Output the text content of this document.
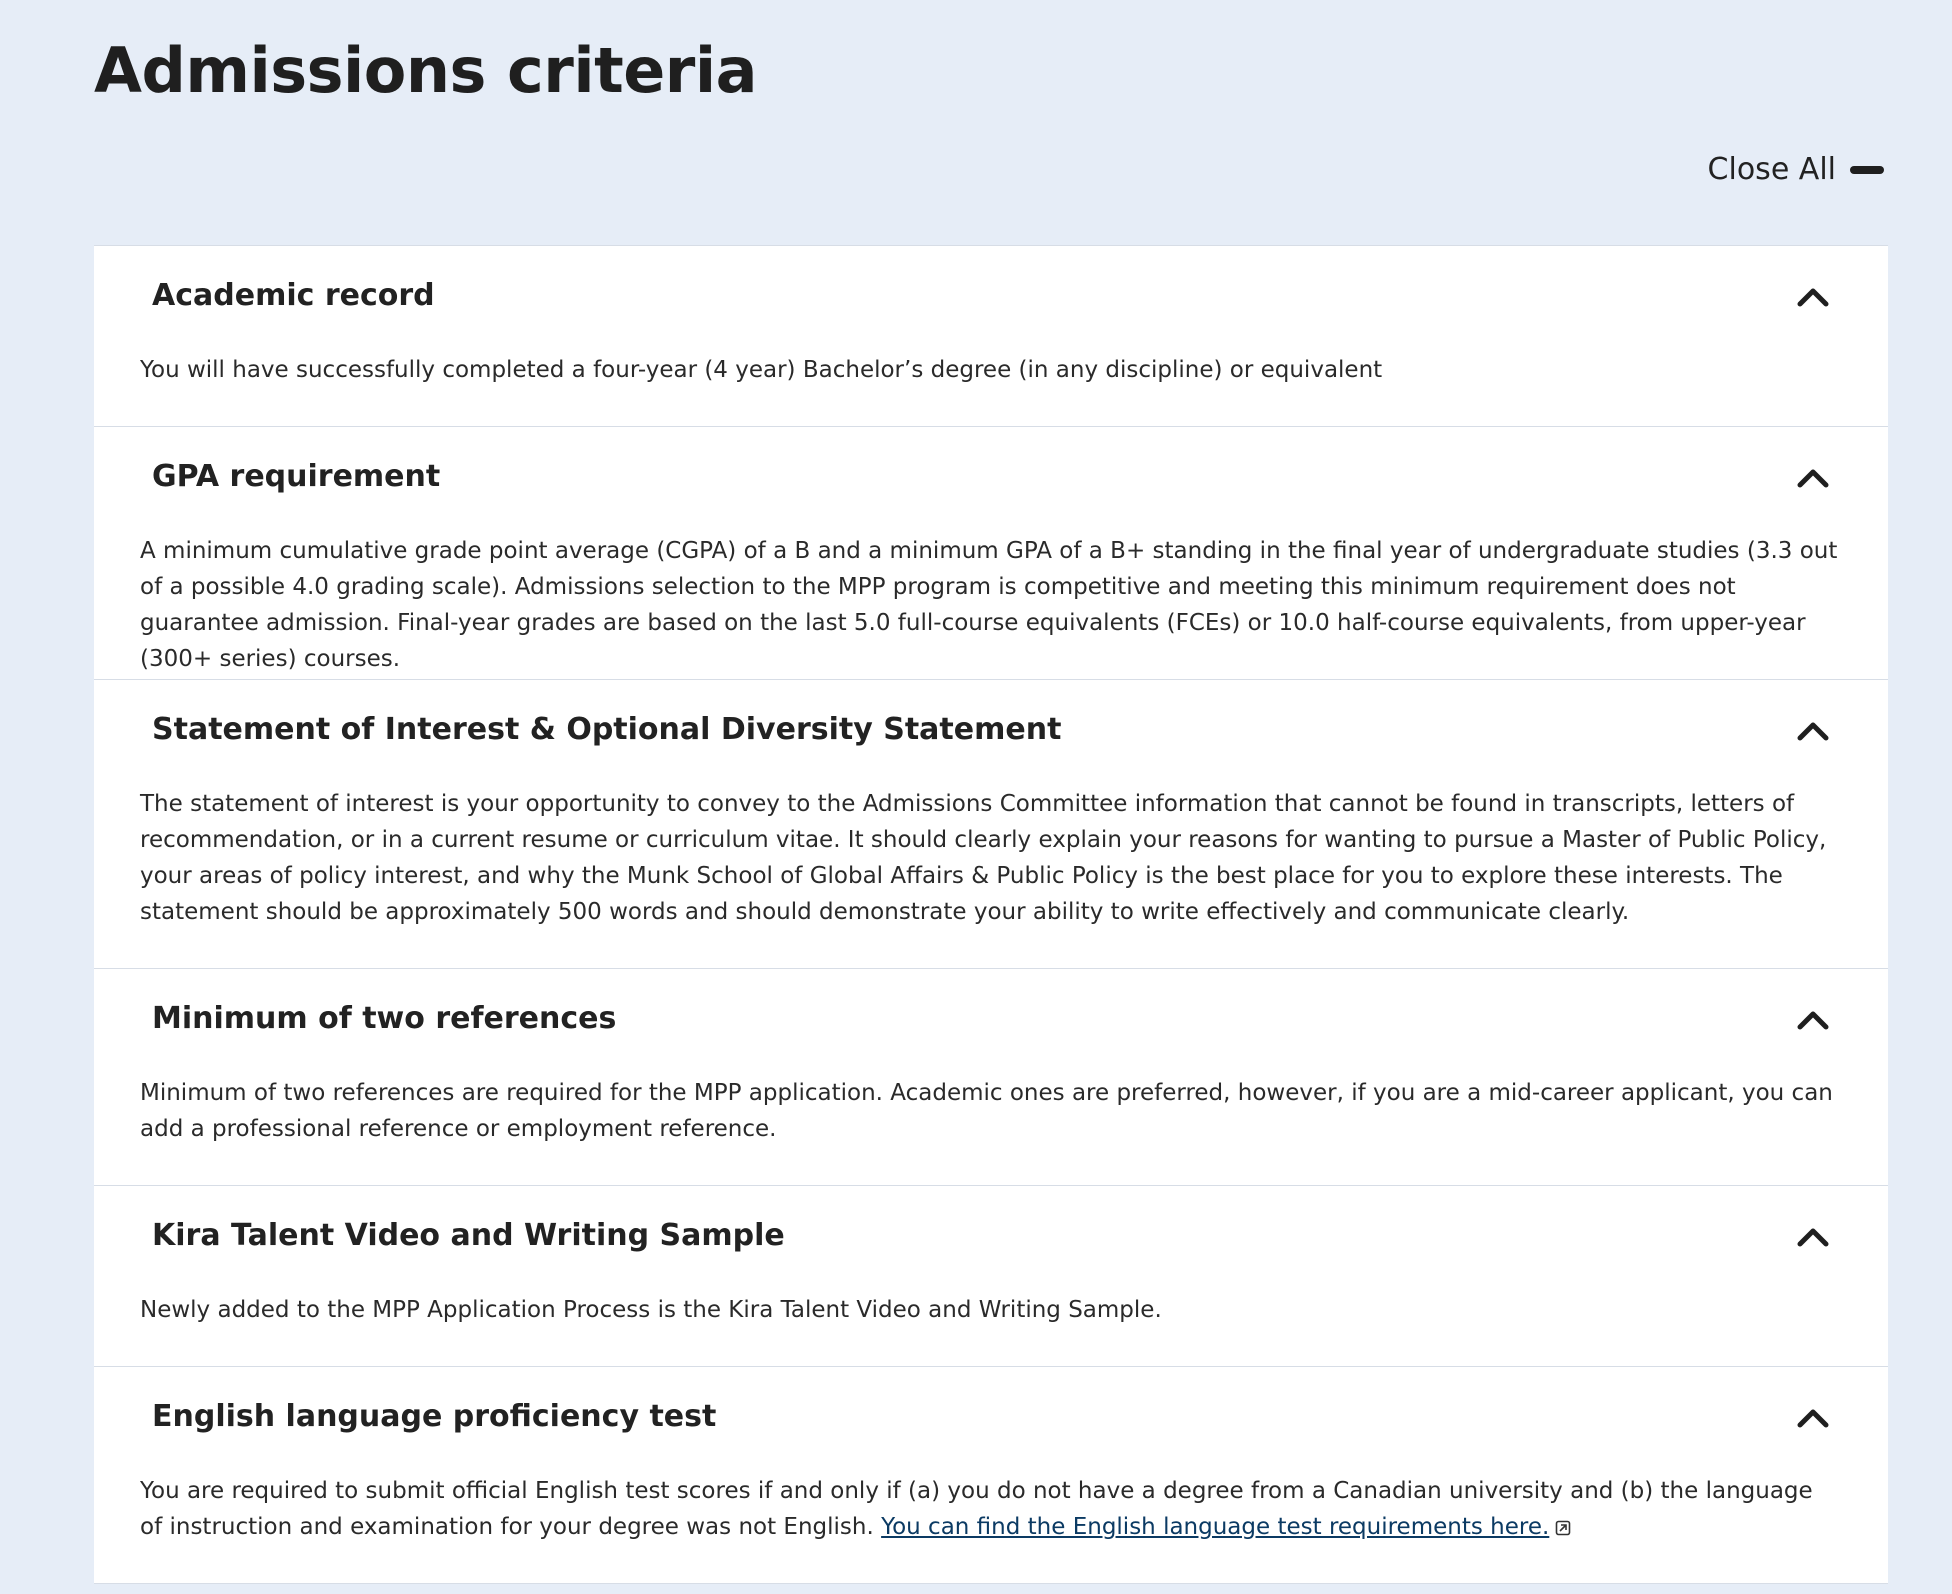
Admissions criteria
Close All
Academic record

You will have successfully completed a four-year (4 year) Bachelor’s degree (in any discipline) or equivalent

GPA requirement

A minimum cumulative grade point average (CGPA) of a B and a minimum GPA of a B+ standing in the final year of undergraduate studies (3.3 out of a possible 4.0 grading scale). Admissions selection to the MPP program is competitive and meeting this minimum requirement does not guarantee admission. Final-year grades are based on the last 5.0 full-course equivalents (FCEs) or 10.0 half-course equivalents, from upper-year (300+ series) courses.

Statement of Interest & Optional Diversity Statement

The statement of interest is your opportunity to convey to the Admissions Committee information that cannot be found in transcripts, letters of recommendation, or in a current resume or curriculum vitae. It should clearly explain your reasons for wanting to pursue a Master of Public Policy, your areas of policy interest, and why the Munk School of Global Affairs & Public Policy is the best place for you to explore these interests. The statement should be approximately 500 words and should demonstrate your ability to write effectively and communicate clearly.

Minimum of two references

Minimum of two references are required for the MPP application. Academic ones are preferred, however, if you are a mid-career applicant, you can add a professional reference or employment reference.

Kira Talent Video and Writing Sample

Newly added to the MPP Application Process is the Kira Talent Video and Writing Sample.

English language proficiency test

You are required to submit official English test scores if and only if (a) you do not have a degree from a Canadian university and (b) the language of instruction and examination for your degree was not English. You can find the English language test requirements here.
